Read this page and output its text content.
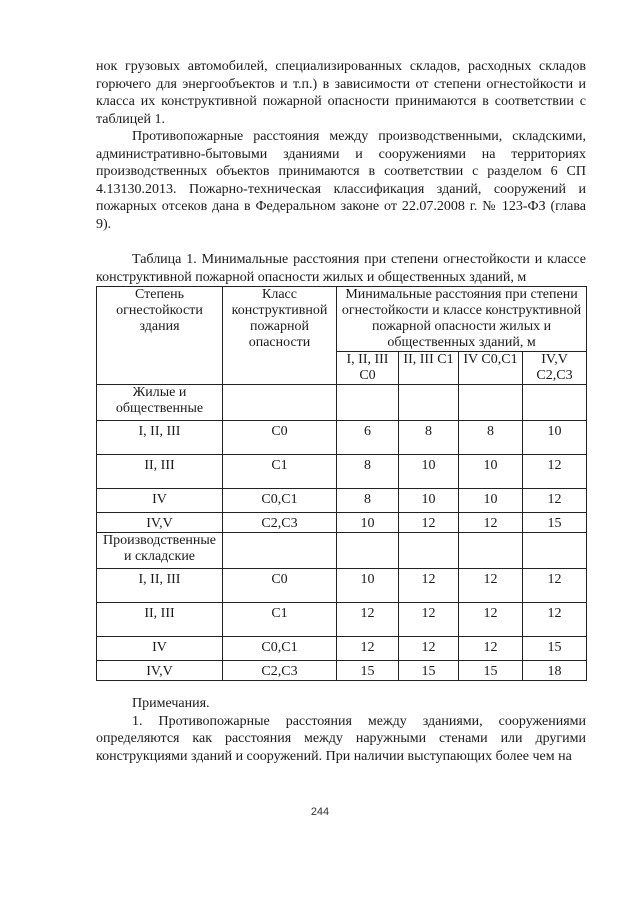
нок грузовых автомобилей, специализированных складов, расходных складов горючего для энергообъектов и т.п.) в зависимости от степени огнестойкости и класса их конструктивной пожарной опасности принимаются в соответствии с таблицей 1.

Противопожарные расстояния между производственными, складскими, административно-бытовыми зданиями и сооружениями на территориях производственных объектов принимаются в соответствии с разделом 6 СП 4.13130.2013. Пожарно-техническая классификация зданий, сооружений и пожарных отсеков дана в Федеральном законе от 22.07.2008 г. № 123-ФЗ (глава 9).

Таблица 1. Минимальные расстояния при степени огнестойкости и классе конструктивной пожарной опасности жилых и общественных зданий, м

Степень огнестойкости здания	Класс конструктивной пожарной опасности	Минимальные расстояния при степени огнестойкости и классе конструктивной пожарной опасности жилых и общественных зданий, м			
		I, II, III С0	II, III С1	IV С0,С1	IV,V С2,С3
Жилые и общественные					
I, II, III	С0	6	8	8	10
II, III	С1	8	10	10	12
IV	С0,С1	8	10	10	12
IV,V	С2,С3	10	12	12	15
Производственные и складские					
I, II, III	С0	10	12	12	12
II, III	С1	12	12	12	12
IV	С0,С1	12	12	12	15
IV,V	С2,С3	15	15	15	18

Примечания.

1. Противопожарные расстояния между зданиями, сооружениями определяются как расстояния между наружными стенами или другими конструкциями зданий и сооружений. При наличии выступающих более чем на

244
